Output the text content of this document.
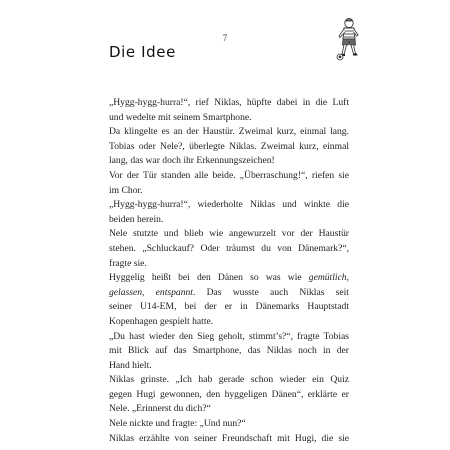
7
Die Idee
„Hygg-hygg-hurra!“, rief Niklas, hüpfte dabei in die Luft
und wedelte mit seinem Smartphone.
Da klingelte es an der Haustür. Zweimal kurz, einmal lang.
Tobias oder Nele?, überlegte Niklas. Zweimal kurz, einmal
lang, das war doch ihr Erkennungszeichen!
Vor der Tür standen alle beide. „Überraschung!“, riefen sie
im Chor.
„Hygg-hygg-hurra!“, wiederholte Niklas und winkte die
beiden herein.
Nele stutzte und blieb wie angewurzelt vor der Haustür
stehen. „Schluckauf? Oder träumst du von Dänemark?“,
fragte sie.
Hyggelig heißt bei den Dänen so was wie gemütlich,
gelassen, entspannt. Das wusste auch Niklas seit
seiner U14-EM, bei der er in Dänemarks Hauptstadt
Kopenhagen gespielt hatte.
„Du hast wieder den Sieg geholt, stimmt’s?“, fragte Tobias
mit Blick auf das Smartphone, das Niklas noch in der
Hand hielt.
Niklas grinste. „Ich hab gerade schon wieder ein Quiz
gegen Hugi gewonnen, den hyggeligen Dänen“, erklärte er
Nele. „Erinnerst du dich?“
Nele nickte und fragte: „Und nun?“
Niklas erzählte von seiner Freundschaft mit Hugi, die sie
